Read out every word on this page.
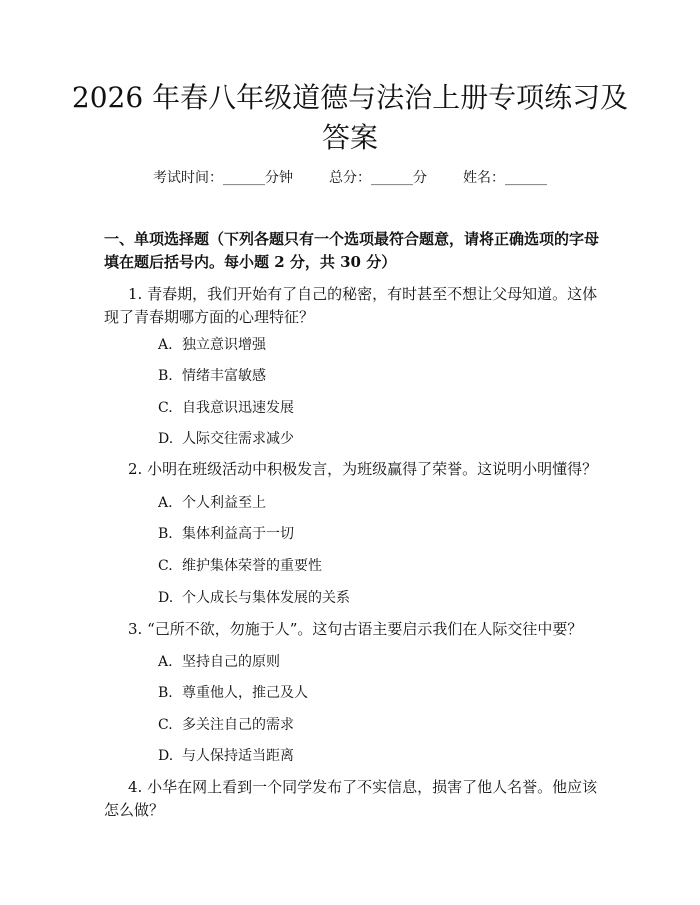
2026 年春八年级道德与法治上册专项练习及答案
考试时间：______分钟	总分：______分	姓名：______

一、单项选择题（下列各题只有一个选项最符合题意，请将正确选项的字母填在题后括号内。每小题 2 分，共 30 分）

1. 青春期，我们开始有了自己的秘密，有时甚至不想让父母知道。这体现了青春期哪方面的心理特征？

A. 独立意识增强
B. 情绪丰富敏感
C. 自我意识迅速发展
D. 人际交往需求减少

2. 小明在班级活动中积极发言，为班级赢得了荣誉。这说明小明懂得？

A. 个人利益至上
B. 集体利益高于一切
C. 维护集体荣誉的重要性
D. 个人成长与集体发展的关系

3. “己所不欲，勿施于人”。这句古语主要启示我们在人际交往中要？

A. 坚持自己的原则
B. 尊重他人，推己及人
C. 多关注自己的需求
D. 与人保持适当距离

4. 小华在网上看到一个同学发布了不实信息，损害了他人名誉。他应该怎么做？
